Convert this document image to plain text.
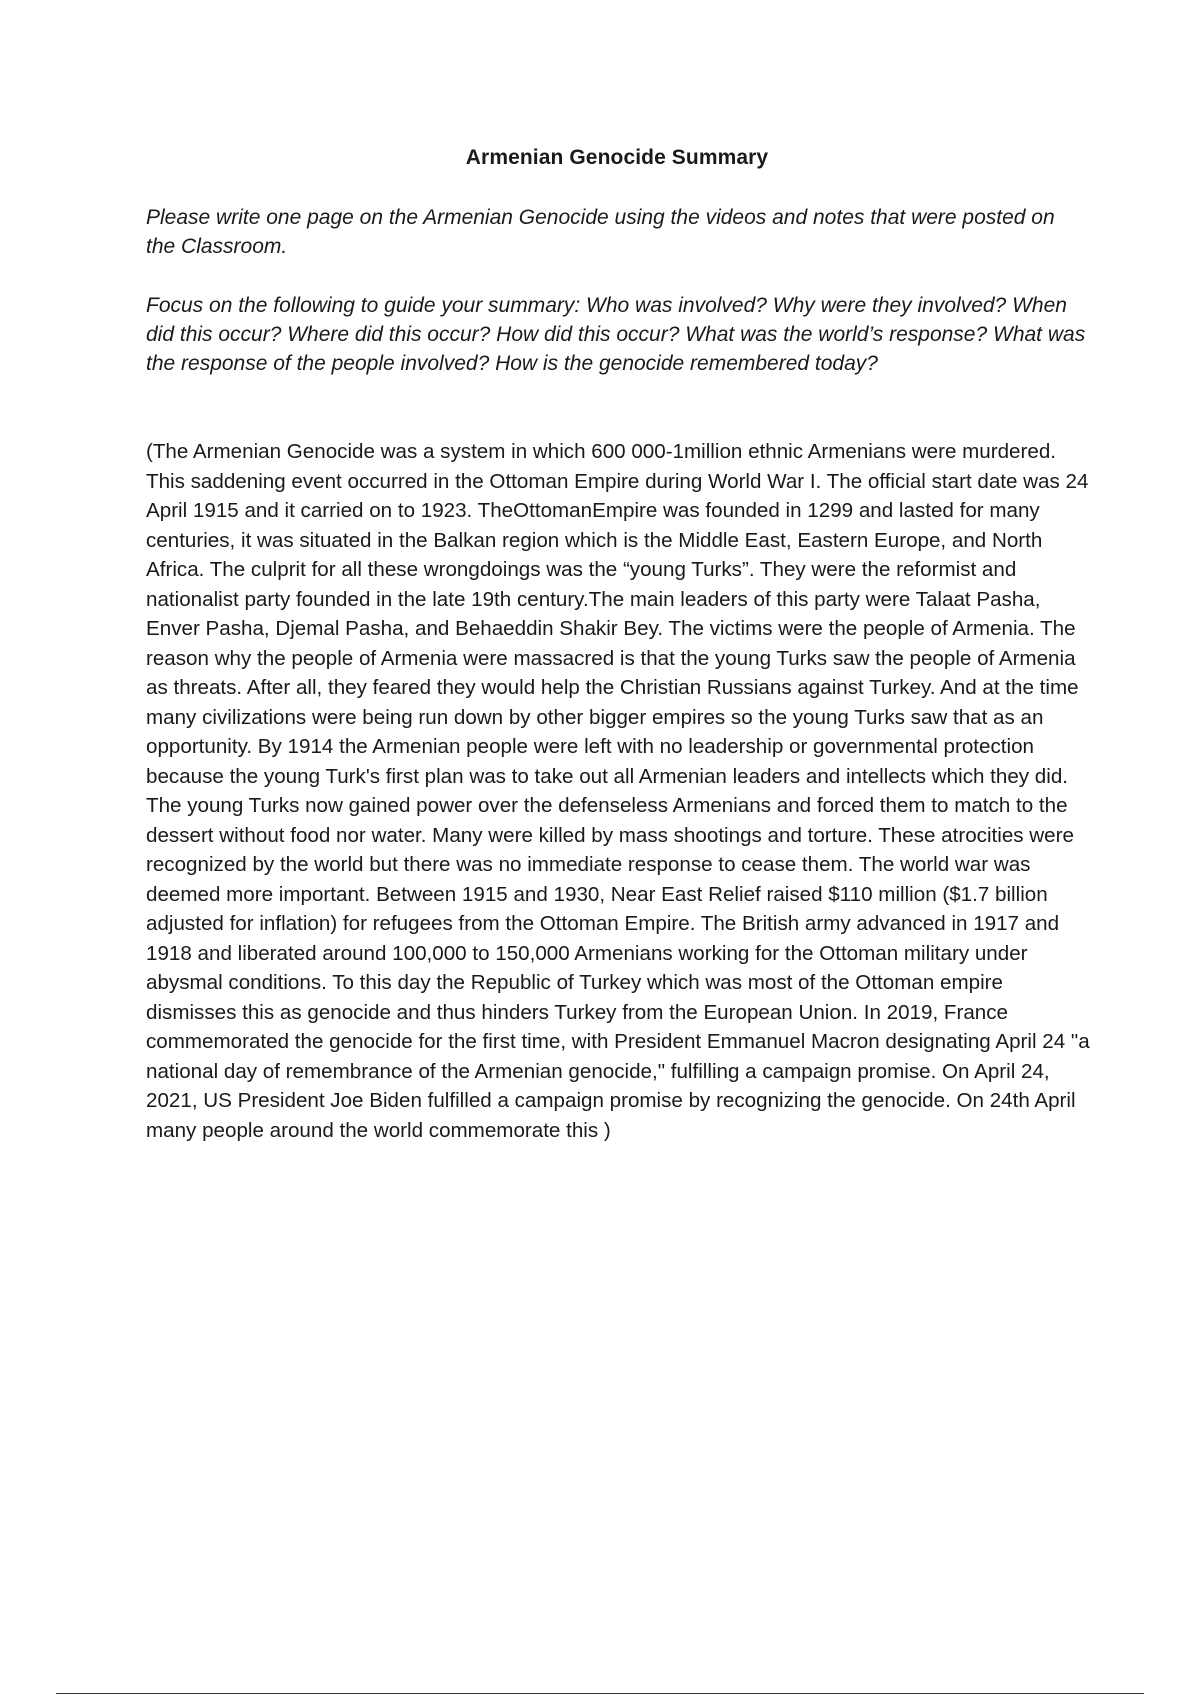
Armenian Genocide Summary

Please write one page on the Armenian Genocide using the videos and notes that were posted on the Classroom.

Focus on the following to guide your summary: Who was involved? Why were they involved? When did this occur? Where did this occur? How did this occur? What was the world’s response? What was the response of the people involved? How is the genocide remembered today?

(The Armenian Genocide was a system in which 600 000-1million ethnic Armenians were murdered. This saddening event occurred in the Ottoman Empire during World War I. The official start date was 24 April 1915 and it carried on to 1923. TheOttomanEmpire was founded in 1299 and lasted for many centuries, it was situated in the Balkan region which is the Middle East, Eastern Europe, and North Africa. The culprit for all these wrongdoings was the “young Turks”. They were the reformist and nationalist party founded in the late 19th century.The main leaders of this party were Talaat Pasha, Enver Pasha, Djemal Pasha, and Behaeddin Shakir Bey. The victims were the people of Armenia. The reason why the people of Armenia were massacred is that the young Turks saw the people of Armenia as threats. After all, they feared they would help the Christian Russians against Turkey. And at the time many civilizations were being run down by other bigger empires so the young Turks saw that as an opportunity. By 1914 the Armenian people were left with no leadership or governmental protection because the young Turk's first plan was to take out all Armenian leaders and intellects which they did. The young Turks now gained power over the defenseless Armenians and forced them to match to the dessert without food nor water. Many were killed by mass shootings and torture. These atrocities were recognized by the world but there was no immediate response to cease them. The world war was deemed more important. Between 1915 and 1930, Near East Relief raised $110 million ($1.7 billion adjusted for inflation) for refugees from the Ottoman Empire. The British army advanced in 1917 and 1918 and liberated around 100,000 to 150,000 Armenians working for the Ottoman military under abysmal conditions. To this day the Republic of Turkey which was most of the Ottoman empire dismisses this as genocide and thus hinders Turkey from the European Union. In 2019, France commemorated the genocide for the first time, with President Emmanuel Macron designating April 24 "a national day of remembrance of the Armenian genocide," fulfilling a campaign promise. On April 24, 2021, US President Joe Biden fulfilled a campaign promise by recognizing the genocide. On 24th April many people around the world commemorate this )
